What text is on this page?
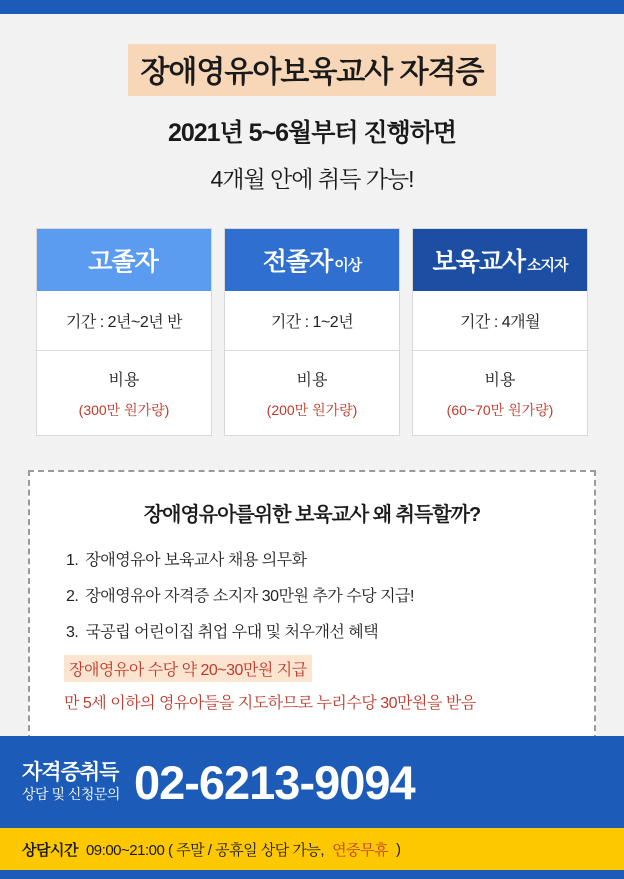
장애영유아보육교사 자격증
2021년 5~6월부터 진행하면
4개월 안에 취득 가능!
고졸자
기간 : 2년~2년 반
비용
(300만 원가량)
전졸자 이상
기간 : 1~2년
비용
(200만 원가량)
보육교사 소지자
기간 : 4개월
비용
(60~70만 원가량)
장애영유아를위한 보육교사 왜 취득할까?
1. 장애영유아 보육교사 채용 의무화
2. 장애영유아 자격증 소지자 30만원 추가 수당 지급!
3. 국공립 어린이집 취업 우대 및 처우개선 혜택
장애영유아 수당 약 20~30만원 지급
만 5세 이하의 영유아들을 지도하므로 누리수당 30만원을 받음
자격증취득
상담 및 신청문의 02-6213-9094
상담시간 09:00~21:00 ( 주말 / 공휴일 상담 가능, 연중무휴 )
